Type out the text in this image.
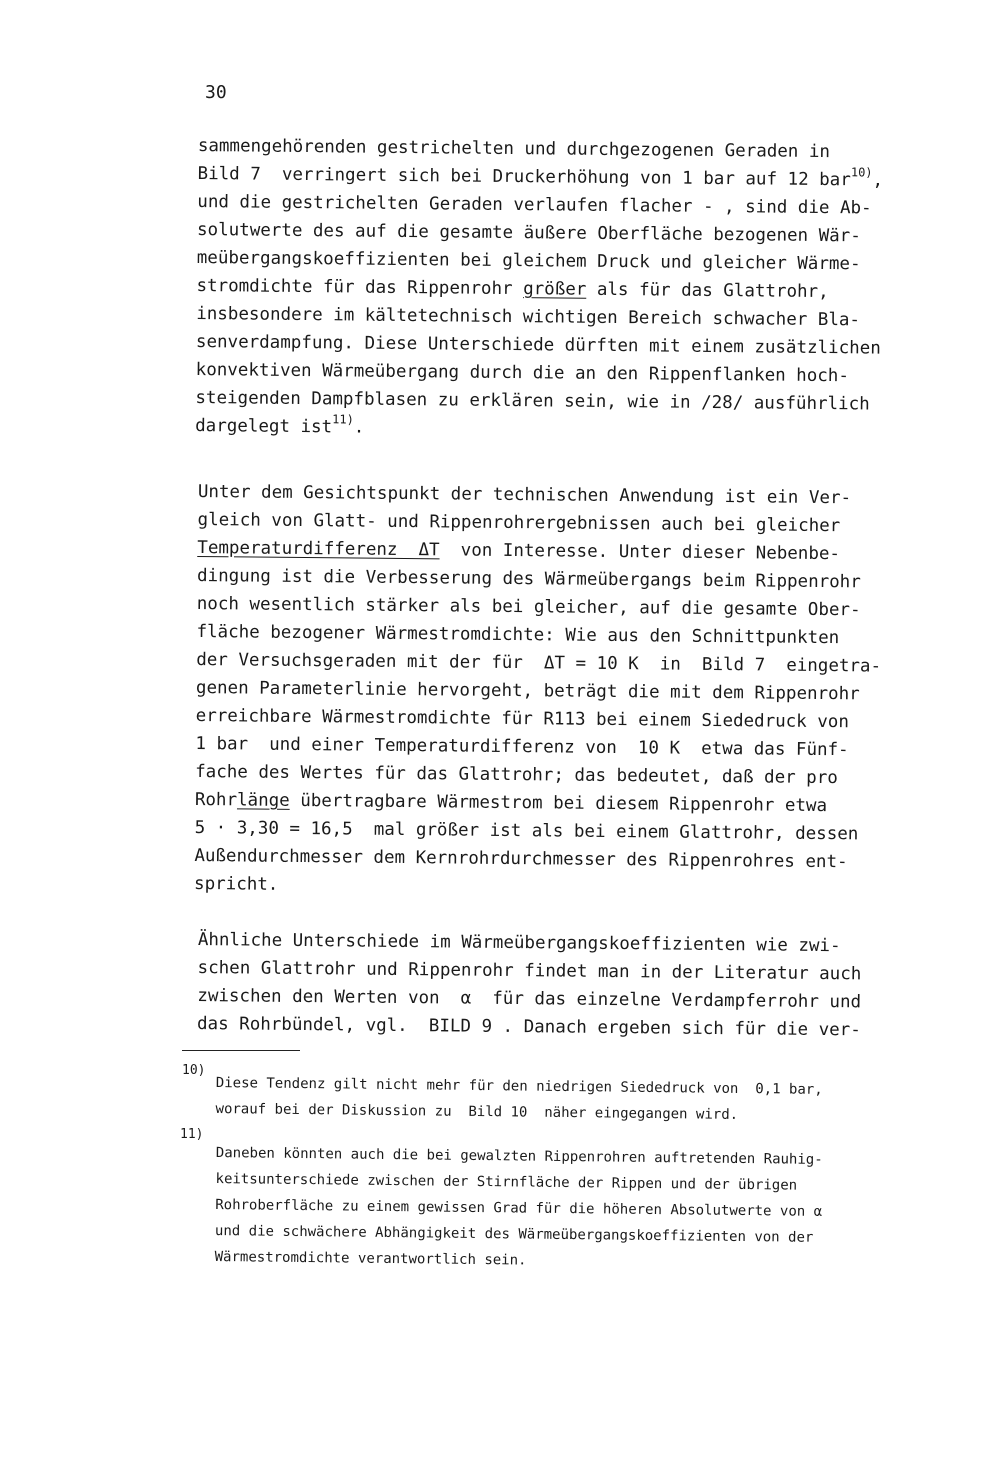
30
sammengehörenden gestrichelten und durchgezogenen Geraden in
Bild 7  verringert sich bei Druckerhöhung von 1 bar auf 12 bar$^{10)}$,
und die gestrichelten Geraden verlaufen flacher - , sind die Ab-
solutwerte des auf die gesamte äußere Oberfläche bezogenen Wär-
meübergangskoeffizienten bei gleichem Druck und gleicher Wärme-
stromdichte für das Rippenrohr größer als für das Glattrohr,
insbesondere im kältetechnisch wichtigen Bereich schwacher Bla-
senverdampfung. Diese Unterschiede dürften mit einem zusätzlichen
konvektiven Wärmeübergang durch die an den Rippenflanken hoch-
steigenden Dampfblasen zu erklären sein, wie in /28/ ausführlich
dargelegt ist$^{11)}$.
Unter dem Gesichtspunkt der technischen Anwendung ist ein Ver-
gleich von Glatt- und Rippenrohrergebnissen auch bei gleicher
Temperaturdifferenz  ΔT  von Interesse. Unter dieser Nebenbe-
dingung ist die Verbesserung des Wärmeübergangs beim Rippenrohr
noch wesentlich stärker als bei gleicher, auf die gesamte Ober-
fläche bezogener Wärmestromdichte: Wie aus den Schnittpunkten
der Versuchsgeraden mit der für  ΔT = 10 K  in  Bild 7  eingetra-
genen Parameterlinie hervorgeht, beträgt die mit dem Rippenrohr
erreichbare Wärmestromdichte für R113 bei einem Siededruck von
1 bar  und einer Temperaturdifferenz von  10 K  etwa das Fünf-
fache des Wertes für das Glattrohr; das bedeutet, daß der pro
Rohrlänge übertragbare Wärmestrom bei diesem Rippenrohr etwa
5 · 3,30 = 16,5  mal größer ist als bei einem Glattrohr, dessen
Außendurchmesser dem Kernrohrdurchmesser des Rippenrohres ent-
spricht.
Ähnliche Unterschiede im Wärmeübergangskoeffizienten wie zwi-
schen Glattrohr und Rippenrohr findet man in der Literatur auch
zwischen den Werten von  α  für das einzelne Verdampferrohr und
das Rohrbündel, vgl.  BILD 9 . Danach ergeben sich für die ver-
10)
Diese Tendenz gilt nicht mehr für den niedrigen Siededruck von  0,1 bar,
worauf bei der Diskussion zu  Bild 10  näher eingegangen wird.
11)
Daneben könnten auch die bei gewalzten Rippenrohren auftretenden Rauhig-
keitsunterschiede zwischen der Stirnfläche der Rippen und der übrigen
Rohroberfläche zu einem gewissen Grad für die höheren Absolutwerte von α
und die schwächere Abhängigkeit des Wärmeübergangskoeffizienten von der
Wärmestromdichte verantwortlich sein.
